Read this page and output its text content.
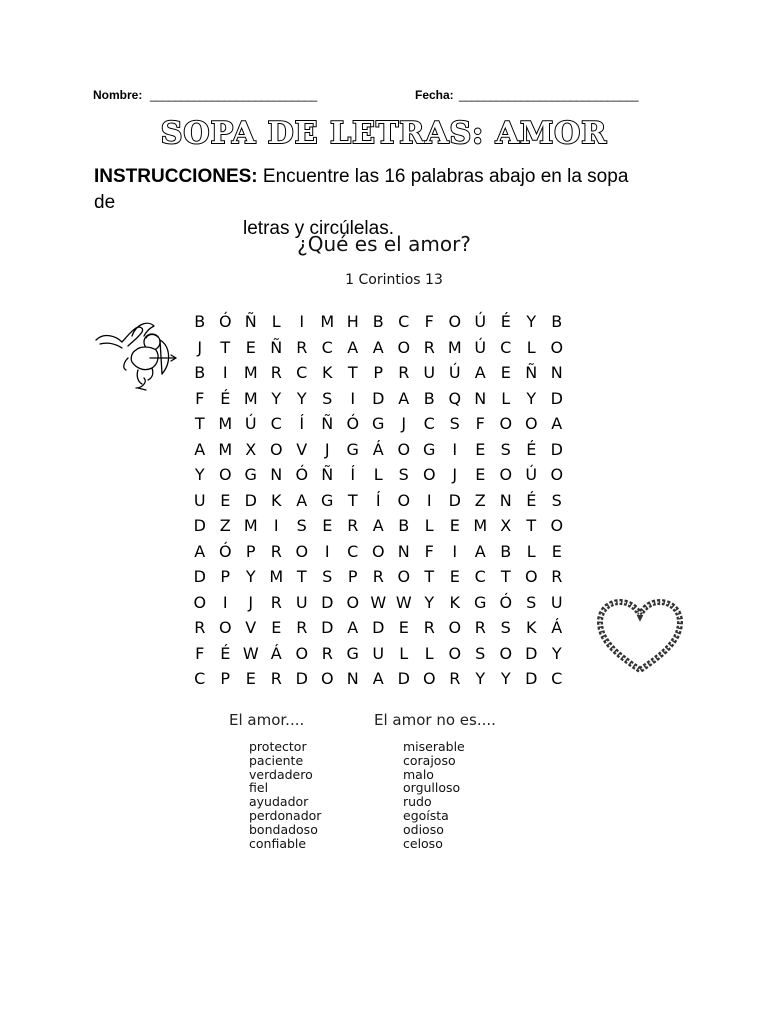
Nombre: ___________________________	Fecha: _____________________________
SOPA DE LETRAS: AMOR
INSTRUCCIONES: Encuentre las 16 palabras abajo en la sopa de
letras y circúlelas.
¿Qué es el amor?
1 Corintios 13
B Ó Ñ L	I	M H B C F O Ú É Y B
J	T E Ñ R C A A O R M Ú C L O
B	I	M R C K T P R U Ú A E Ñ N
F É M Y Y S	I	D A B Q N L	Y D
T M Ú C	Í	Ñ Ó G	J	C S F O O A
A M X O V	J	G Á O G	I	E S É D
Y O G N Ó Ñ	Í	L S O	J	E O Ú O
U E D K A G T	Í	O	I	D Z N É S
D Z M	I	S E R A B L E M X T O
A Ó P R O	I	C O N F	I	A B L E
D P Y M T S P R O T E C T O R
O	I	J	R U D O W W Y K G Ó S U
R O V E R D A D E R O R S K Á
F É W Á O R G U L	L O S O D Y
C P E R D O N A D O R Y Y D C
El amor....	El amor no es....
protector
paciente
verdadero
fiel
ayudador
perdonador
bondadoso
confiable
miserable
corajoso
malo
orgulloso
rudo
egoísta
odioso
celoso
